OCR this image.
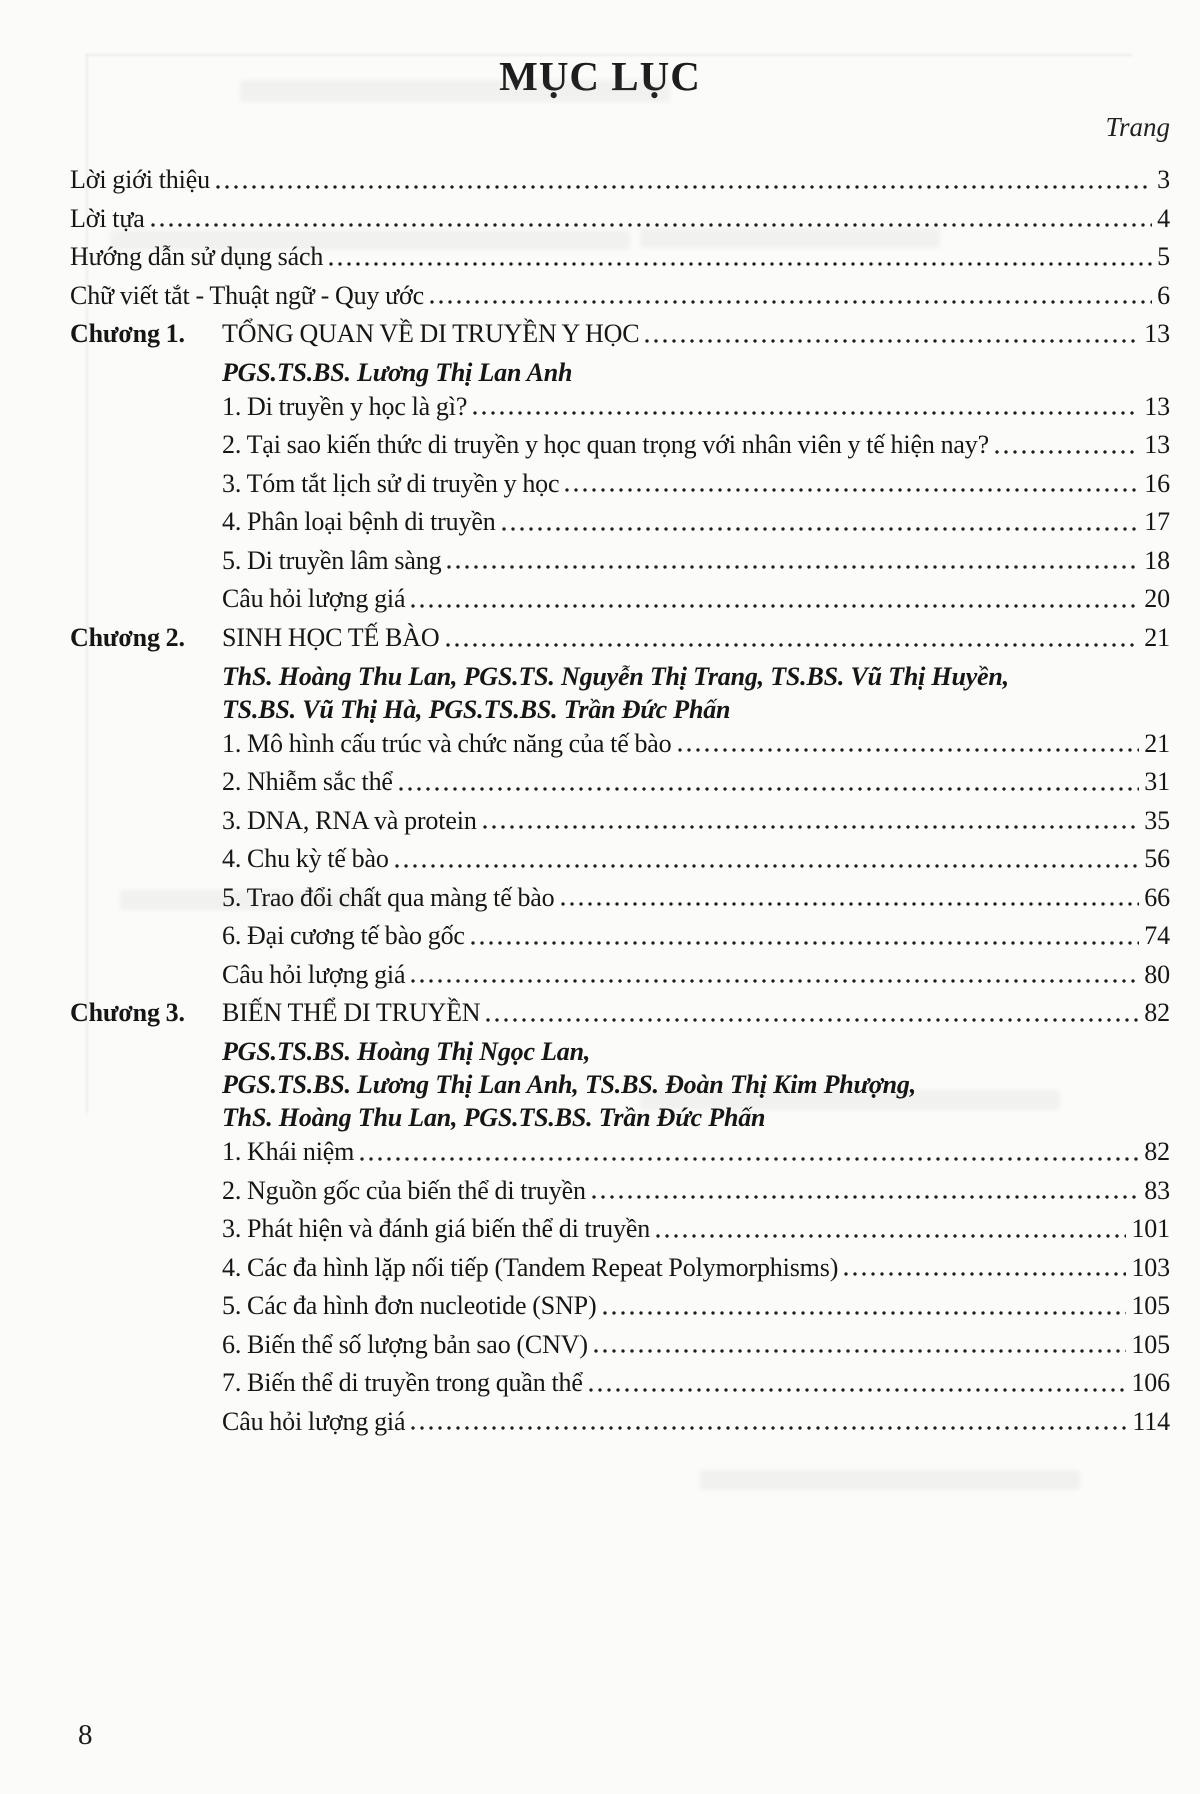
MỤC LỤC
Trang
Lời giới thiệu	3
Lời tựa	4
Hướng dẫn sử dụng sách	5
Chữ viết tắt - Thuật ngữ - Quy ước	6
Chương 1.	TỔNG QUAN VỀ DI TRUYỀN Y HỌC	13
PGS.TS.BS. Lương Thị Lan Anh
1. Di truyền y học là gì?	13
2. Tại sao kiến thức di truyền y học quan trọng với nhân viên y tế hiện nay?	13
3. Tóm tắt lịch sử di truyền y học	16
4. Phân loại bệnh di truyền	17
5. Di truyền lâm sàng	18
Câu hỏi lượng giá	20
Chương 2.	SINH HỌC TẾ BÀO	21
ThS. Hoàng Thu Lan, PGS.TS. Nguyễn Thị Trang, TS.BS. Vũ Thị Huyền,
TS.BS. Vũ Thị Hà, PGS.TS.BS. Trần Đức Phấn
1. Mô hình cấu trúc và chức năng của tế bào	21
2. Nhiễm sắc thể	31
3. DNA, RNA và protein	35
4. Chu kỳ tế bào	56
5. Trao đổi chất qua màng tế bào	66
6. Đại cương tế bào gốc	74
Câu hỏi lượng giá	80
Chương 3.	BIẾN THỂ DI TRUYỀN	82
PGS.TS.BS. Hoàng Thị Ngọc Lan,
PGS.TS.BS. Lương Thị Lan Anh, TS.BS. Đoàn Thị Kim Phượng,
ThS. Hoàng Thu Lan, PGS.TS.BS. Trần Đức Phấn
1. Khái niệm	82
2. Nguồn gốc của biến thể di truyền	83
3. Phát hiện và đánh giá biến thể di truyền	101
4. Các đa hình lặp nối tiếp (Tandem Repeat Polymorphisms)	103
5. Các đa hình đơn nucleotide (SNP)	105
6. Biến thể số lượng bản sao (CNV)	105
7. Biến thể di truyền trong quần thể	106
Câu hỏi lượng giá	114
8
